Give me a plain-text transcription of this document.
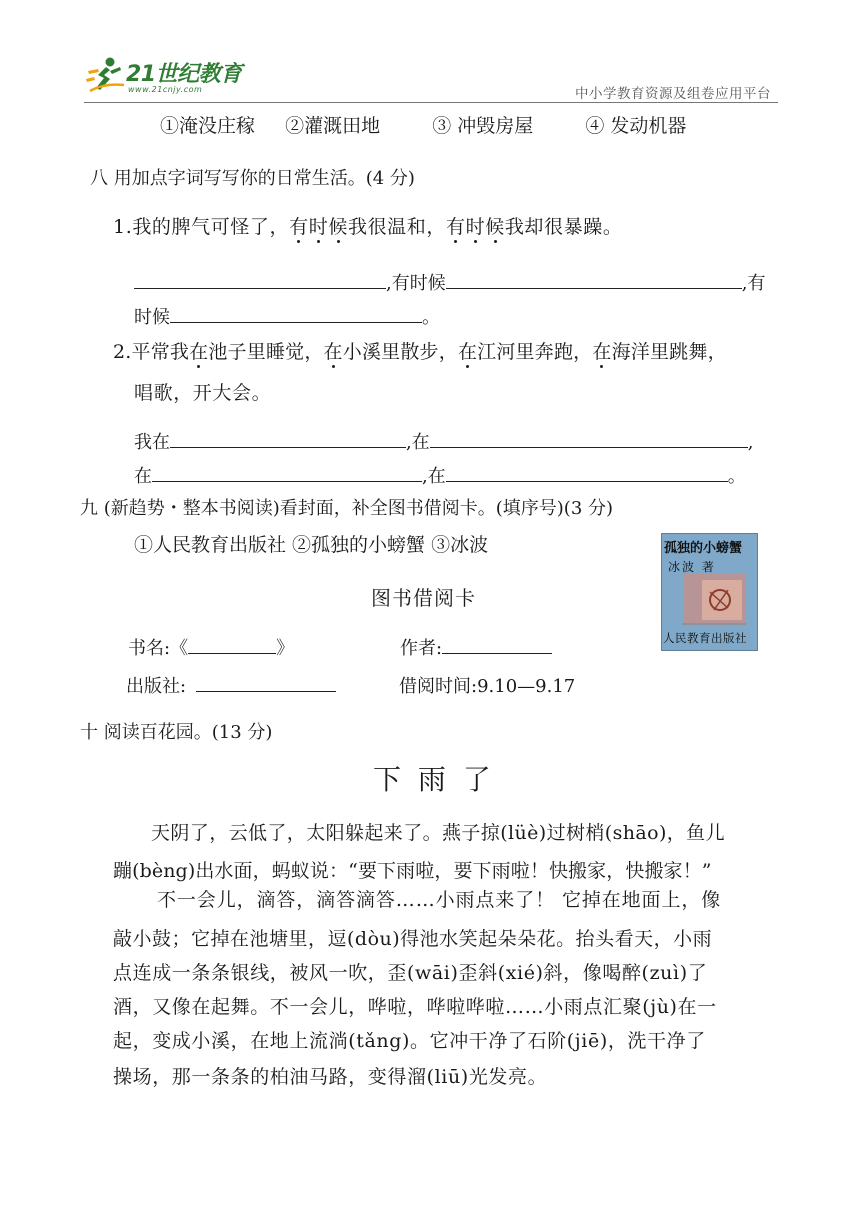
21世纪教育
www.21cnjy.com	中小学教育资源及组卷应用平台
①淹没庄稼 ②灌溉田地	③ 冲毁房屋	④ 发动机器
八 用加点字词写写你的日常生活。(4 分)
1.我的脾气可怪了，有时候我很温和，有时候我却很暴躁。
,有时候	,有
时候	。
2.平常我在池子里睡觉，在小溪里散步，在江河里奔跑，在海洋里跳舞，
唱歌，开大会。
我在	,在	,
在	,在	。
九 (新趋势・整本书阅读)看封面，补全图书借阅卡。(填序号)(3 分)
①人民教育出版社 ②孤独的小螃蟹 ③冰波	孤独的小螃蟹
冰波 著
人民教育出版社
图书借阅卡
书名:《	》	作者:
出版社:	借阅时间:9.10—9.17
十 阅读百花园。(13 分)
下 雨 了
天阴了，云低了，太阳躲起来了。燕子掠(lüè)过树梢(shāo)，鱼儿
蹦(bèng)出水面，蚂蚁说：“要下雨啦，要下雨啦！快搬家，快搬家！”
不一会儿，滴答，滴答滴答……小雨点来了！ 它掉在地面上，像
敲小鼓；它掉在池塘里，逗(dòu)得池水笑起朵朵花。抬头看天，小雨
点连成一条条银线，被风一吹，歪(wāi)歪斜(xié)斜，像喝醉(zuì)了
酒，又像在起舞。不一会儿，哗啦，哗啦哗啦……小雨点汇聚(jù)在一
起，变成小溪，在地上流淌(tǎng)。它冲干净了石阶(jiē)，洗干净了
操场，那一条条的柏油马路，变得溜(liū)光发亮。
